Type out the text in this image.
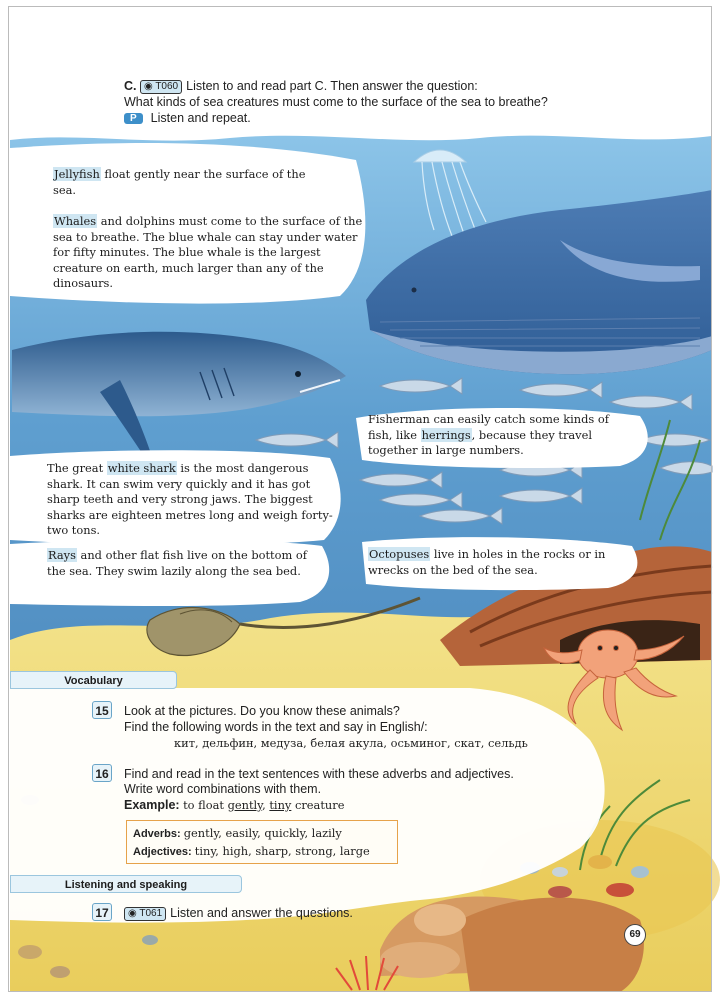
C. ◉ T060 Listen to and read part C. Then answer the question:
What kinds of sea creatures must come to the surface of the sea to breathe?
P Listen and repeat.
Jellyfish float gently near the surface of the sea.
Whales and dolphins must come to the surface of the sea to breathe. The blue whale can stay under water for fifty minutes. The blue whale is the largest creature on earth, much larger than any of the dinosaurs.
Fisherman can easily catch some kinds of fish, like herrings, because they travel together in large numbers.
The great white shark is the most dangerous shark. It can swim very quickly and it has got sharp teeth and very strong jaws. The biggest sharks are eighteen metres long and weigh forty-two tons.
Rays and other flat fish live on the bottom of the sea. They swim lazily along the sea bed.
Octopuses live in holes in the rocks or in wrecks on the bed of the sea.
Vocabulary
15 Look at the pictures. Do you know these animals?
Find the following words in the text and say in English/:
кит, дельфин, медуза, белая акула, осьминог, скат, сельдь
16 Find and read in the text sentences with these adverbs and adjectives.
Write word combinations with them.
Example: to float gently, tiny creature
Adverbs: gently, easily, quickly, lazily
Adjectives: tiny, high, sharp, strong, large
Listening and speaking
17	◉ T061 Listen and answer the questions.
69
